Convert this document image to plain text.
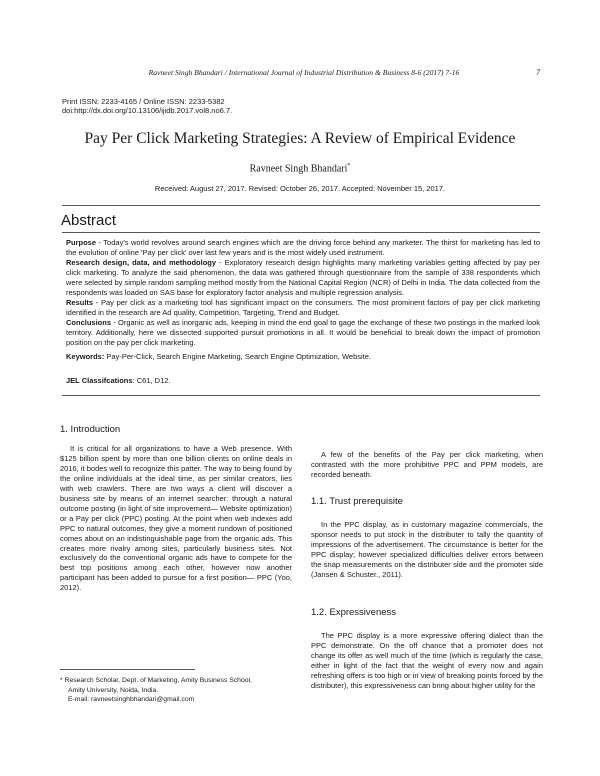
Ravneet Singh Bhandari / International Journal of Industrial Distribution & Business 8-6 (2017) 7-16	7
Print ISSN: 2233-4165 / Online ISSN: 2233-5382
doi:http://dx.doi.org/10.13106/ijidb.2017.vol8.no6.7.
Pay Per Click Marketing Strategies: A Review of Empirical Evidence
Ravneet Singh Bhandari*
Received: August 27, 2017. Revised: October 26, 2017. Accepted: November 15, 2017.
Abstract

Purpose - Today's world revolves around search engines which are the driving force behind any marketer. The thirst for marketing has led to the evolution of online 'Pay per click' over last few years and is the most widely used instrument.

Research design, data, and methodology - Exploratory research design highlights many marketing variables getting affected by pay per click marketing. To analyze the said phenomenon, the data was gathered through questionnaire from the sample of 338 respondents which were selected by simple random sampling method mostly from the National Capital Region (NCR) of Delhi in India. The data collected from the respondents was loaded on SAS base for exploratory factor analysis and multiple regression analysis.

Results - Pay per click as a marketing tool has significant impact on the consumers. The most prominent factors of pay per click marketing identified in the research are Ad quality, Competition, Targeting, Trend and Budget.

Conclusions - Organic as well as inorganic ads, keeping in mind the end goal to gage the exchange of these two postings in the marked look territory. Additionally, here we dissected supported pursuit promotions in all. It would be beneficial to break down the impact of promotion position on the pay per click marketing.

Keywords: Pay-Per-Click, Search Engine Marketing, Search Engine Optimization, Website.
JEL Classifcations: C61, D12.
1. Introduction

It is critical for all organizations to have a Web presence. With $125 billion spent by more than one billion clients on online deals in 2016, it bodes well to recognize this patter. The way to being found by the online individuals at the ideal time, as per similar creators, lies with web crawlers. There are two ways a client will discover a business site by means of an internet searcher: through a natural outcome posting (in light of site improvement— Website optimization) or a Pay per click (PPC) posting. At the point when web indexes add PPC to natural outcomes, they give a moment rundown of positioned comes about on an indistinguishable page from the organic ads. This creates more rivalry among sites, particularly business sites. Not exclusively do the conventional organic ads have to compete for the best top positions among each other, however now another participant has been added to pursue for a first position— PPC (Yoo, 2012).

A few of the benefits of the Pay per click marketing, when contrasted with the more prohibitive PPC and PPM models, are recorded beneath.

1.1. Trust prerequisite

In the PPC display, as in customary magazine commercials, the sponsor needs to put stock in the distributer to tally the quantity of impressions of the advertisement. The circumstance is better for the PPC display; however specialized difficulties deliver errors between the snap measurements on the distributer side and the promoter side (Jansen & Schuster., 2011).

1.2. Expressiveness

The PPC display is a more expressive offering dialect than the PPC demonstrate. On the off chance that a promoter does not change its offer as well much of the time (which is regularly the case, either in light of the fact that the weight of every now and again refreshing offers is too high or in view of breaking points forced by the distributer), this expressiveness can bring about higher utility for the

* Research Scholar, Dept. of Marketing, Amity Business School,
Amity University, Noida, India.
E-mail: ravneetsinghbhandari@gmail.com
